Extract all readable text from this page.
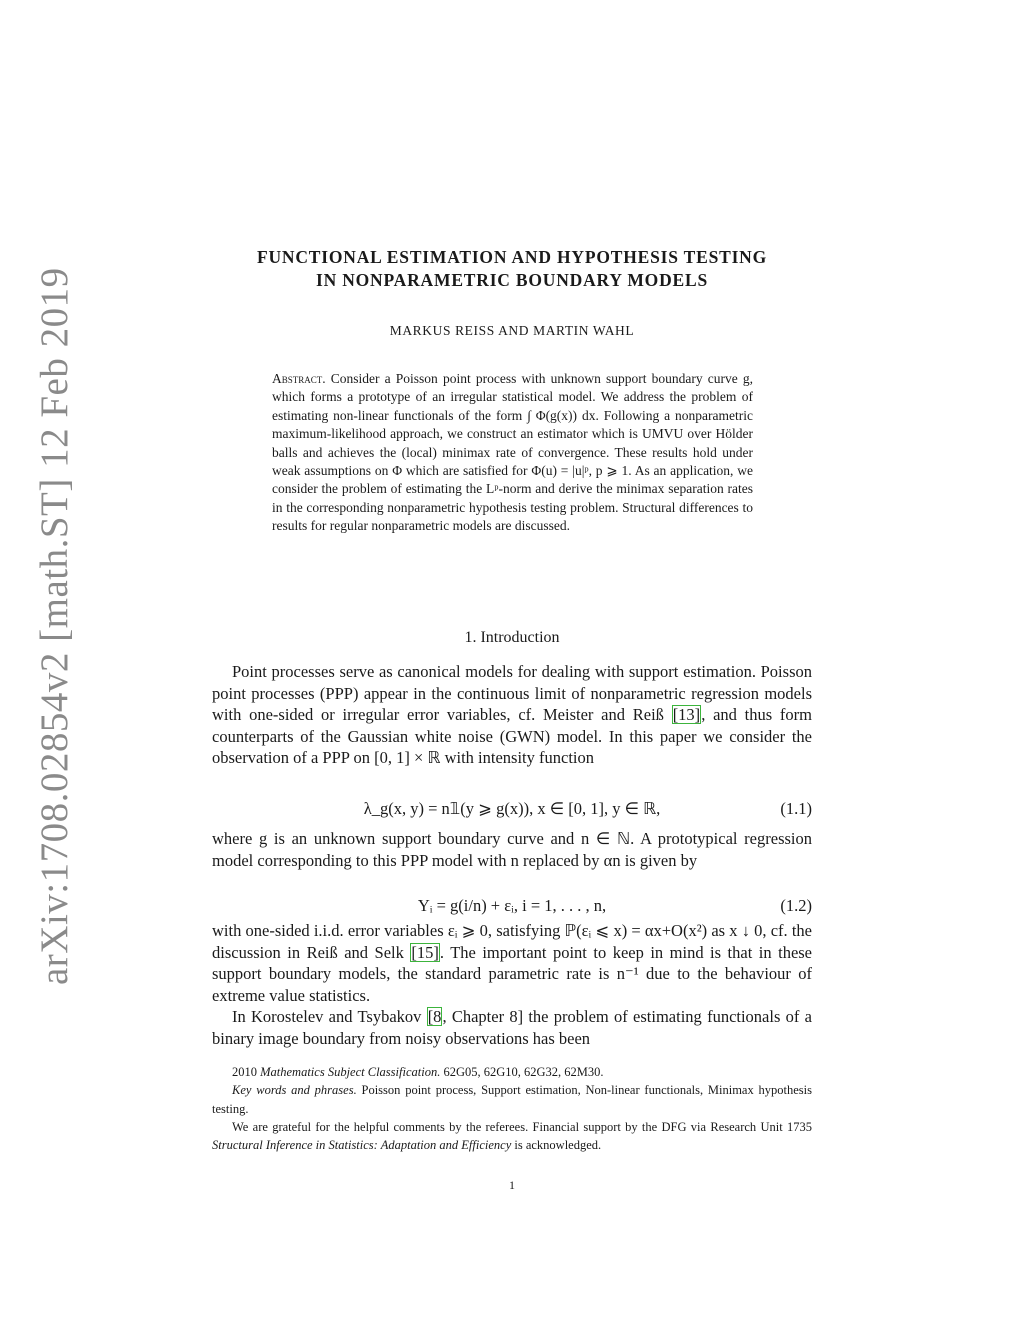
arXiv:1708.02854v2 [math.ST] 12 Feb 2019
FUNCTIONAL ESTIMATION AND HYPOTHESIS TESTING
IN NONPARAMETRIC BOUNDARY MODELS
MARKUS REISS AND MARTIN WAHL
Abstract. Consider a Poisson point process with unknown support boundary curve g, which forms a prototype of an irregular statistical model. We address the problem of estimating non-linear functionals of the form ∫ Φ(g(x)) dx. Following a nonparametric maximum-likelihood approach, we construct an estimator which is UMVU over Hölder balls and achieves the (local) minimax rate of convergence. These results hold under weak assumptions on Φ which are satisfied for Φ(u) = |u|ᵖ, p ⩾ 1. As an application, we consider the problem of estimating the Lᵖ-norm and derive the minimax separation rates in the corresponding nonparametric hypothesis testing problem. Structural differences to results for regular nonparametric models are discussed.
1. Introduction
Point processes serve as canonical models for dealing with support estimation. Poisson point processes (PPP) appear in the continuous limit of nonparametric regression models with one-sided or irregular error variables, cf. Meister and Reiß [13], and thus form counterparts of the Gaussian white noise (GWN) model. In this paper we consider the observation of a PPP on [0, 1] × ℝ with intensity function
λ_g(x, y) = n𝟙(y ⩾ g(x)), x ∈ [0, 1], y ∈ ℝ,	(1.1)
where g is an unknown support boundary curve and n ∈ ℕ. A prototypical regression model corresponding to this PPP model with n replaced by αn is given by
Yᵢ = g(i/n) + εᵢ, i = 1, . . . , n,	(1.2)
with one-sided i.i.d. error variables εᵢ ⩾ 0, satisfying ℙ(εᵢ ⩽ x) = αx+O(x²) as x ↓ 0, cf. the discussion in Reiß and Selk [15]. The important point to keep in mind is that in these support boundary models, the standard parametric rate is n⁻¹ due to the behaviour of extreme value statistics.
In Korostelev and Tsybakov [8, Chapter 8] the problem of estimating functionals of a binary image boundary from noisy observations has been
2010 Mathematics Subject Classification. 62G05, 62G10, 62G32, 62M30.
Key words and phrases. Poisson point process, Support estimation, Non-linear functionals, Minimax hypothesis testing.
We are grateful for the helpful comments by the referees. Financial support by the DFG via Research Unit 1735 Structural Inference in Statistics: Adaptation and Efficiency is acknowledged.
1
